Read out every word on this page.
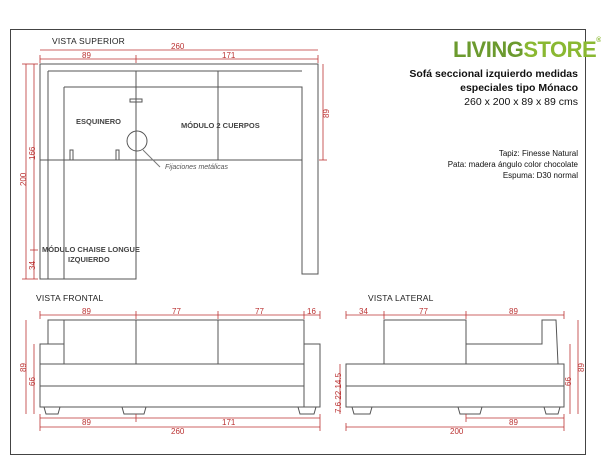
LIVINGSTORE®
Sofá seccional izquierdo medidas
especiales tipo Mónaco
260 x 200 x 89 x 89 cms
Tapiz: Finesse Natural
Pata: madera ángulo color chocolate
Espuma: D30 normal
VISTA SUPERIOR
VISTA FRONTAL	VISTA LATERAL
89
260
171
200
166
34
89
ESQUINERO	MÓDULO 2 CUERPOS
MÓDULO CHAISE LONGUE
IZQUIERDO
Fijaciones metálicas
89	77	77	16
89
260
171
89
66
34	77	89
200
89
7.6 22 14.5	66
89
